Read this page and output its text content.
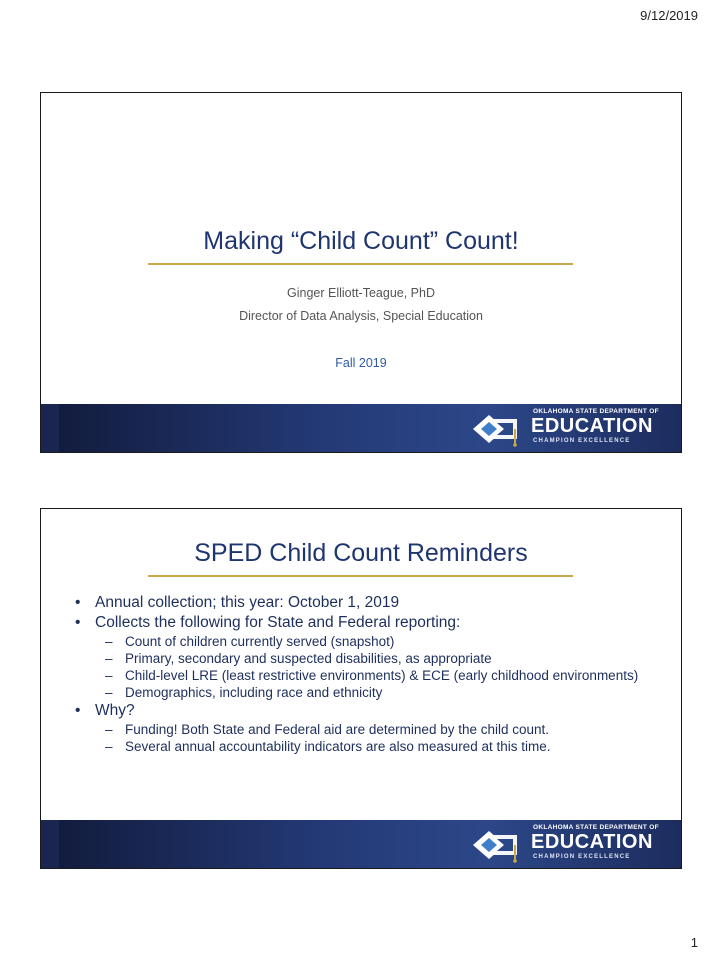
9/12/2019
Making “Child Count” Count!
Ginger Elliott-Teague, PhD
Director of Data Analysis, Special Education
Fall 2019
OKLAHOMA STATE DEPARTMENT OF
EDUCATION
CHAMPION EXCELLENCE
SPED Child Count Reminders
• Annual collection; this year: October 1, 2019
• Collects the following for State and Federal reporting:
– Count of children currently served (snapshot)
– Primary, secondary and suspected disabilities, as appropriate
– Child-level LRE (least restrictive environments) & ECE (early childhood environments)
– Demographics, including race and ethnicity
• Why?
– Funding! Both State and Federal aid are determined by the child count.
– Several annual accountability indicators are also measured at this time.
OKLAHOMA STATE DEPARTMENT OF
EDUCATION
CHAMPION EXCELLENCE
1
